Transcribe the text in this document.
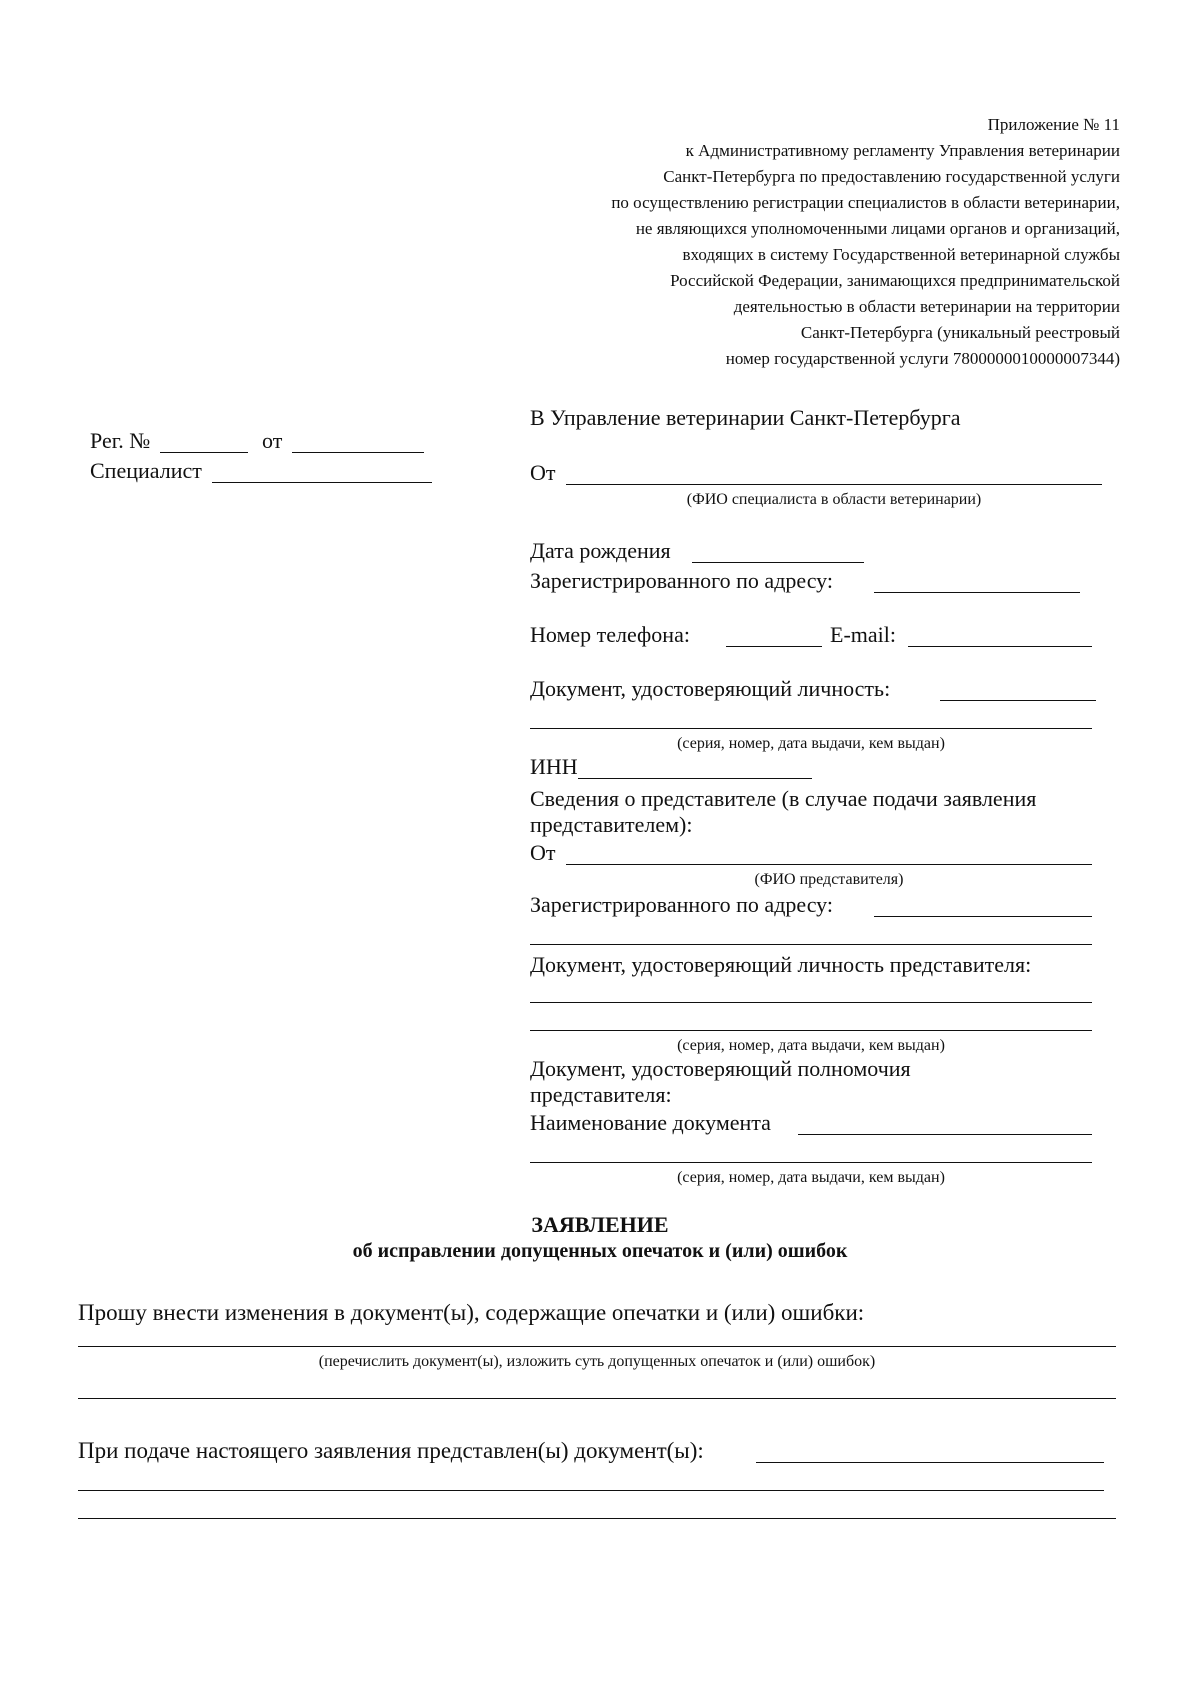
Приложение № 11
к Административному регламенту Управления ветеринарии
Санкт-Петербурга по предоставлению государственной услуги
по осуществлению регистрации специалистов в области ветеринарии,
не являющихся уполномоченными лицами органов и организаций,
входящих в систему Государственной ветеринарной службы
Российской Федерации, занимающихся предпринимательской
деятельностью в области ветеринарии на территории
Санкт-Петербурга (уникальный реестровый
номер государственной услуги 7800000010000007344)
Рег. №	от
Специалист
В Управление ветеринарии Санкт-Петербурга
От
(ФИО специалиста в области ветеринарии)
Дата рождения
Зарегистрированного по адресу:
Номер телефона:	E-mail:
Документ, удостоверяющий личность:
(серия, номер, дата выдачи, кем выдан)
ИНН
Сведения о представителе (в случае подачи заявления
представителем):
От
(ФИО представителя)
Зарегистрированного по адресу:
Документ, удостоверяющий личность представителя:
(серия, номер, дата выдачи, кем выдан)
Документ, удостоверяющий полномочия
представителя:
Наименование документа
(серия, номер, дата выдачи, кем выдан)
ЗАЯВЛЕНИЕ
об исправлении допущенных опечаток и (или) ошибок
Прошу внести изменения в документ(ы), содержащие опечатки и (или) ошибки:
(перечислить документ(ы), изложить суть допущенных опечаток и (или) ошибок)
При подаче настоящего заявления представлен(ы) документ(ы):
